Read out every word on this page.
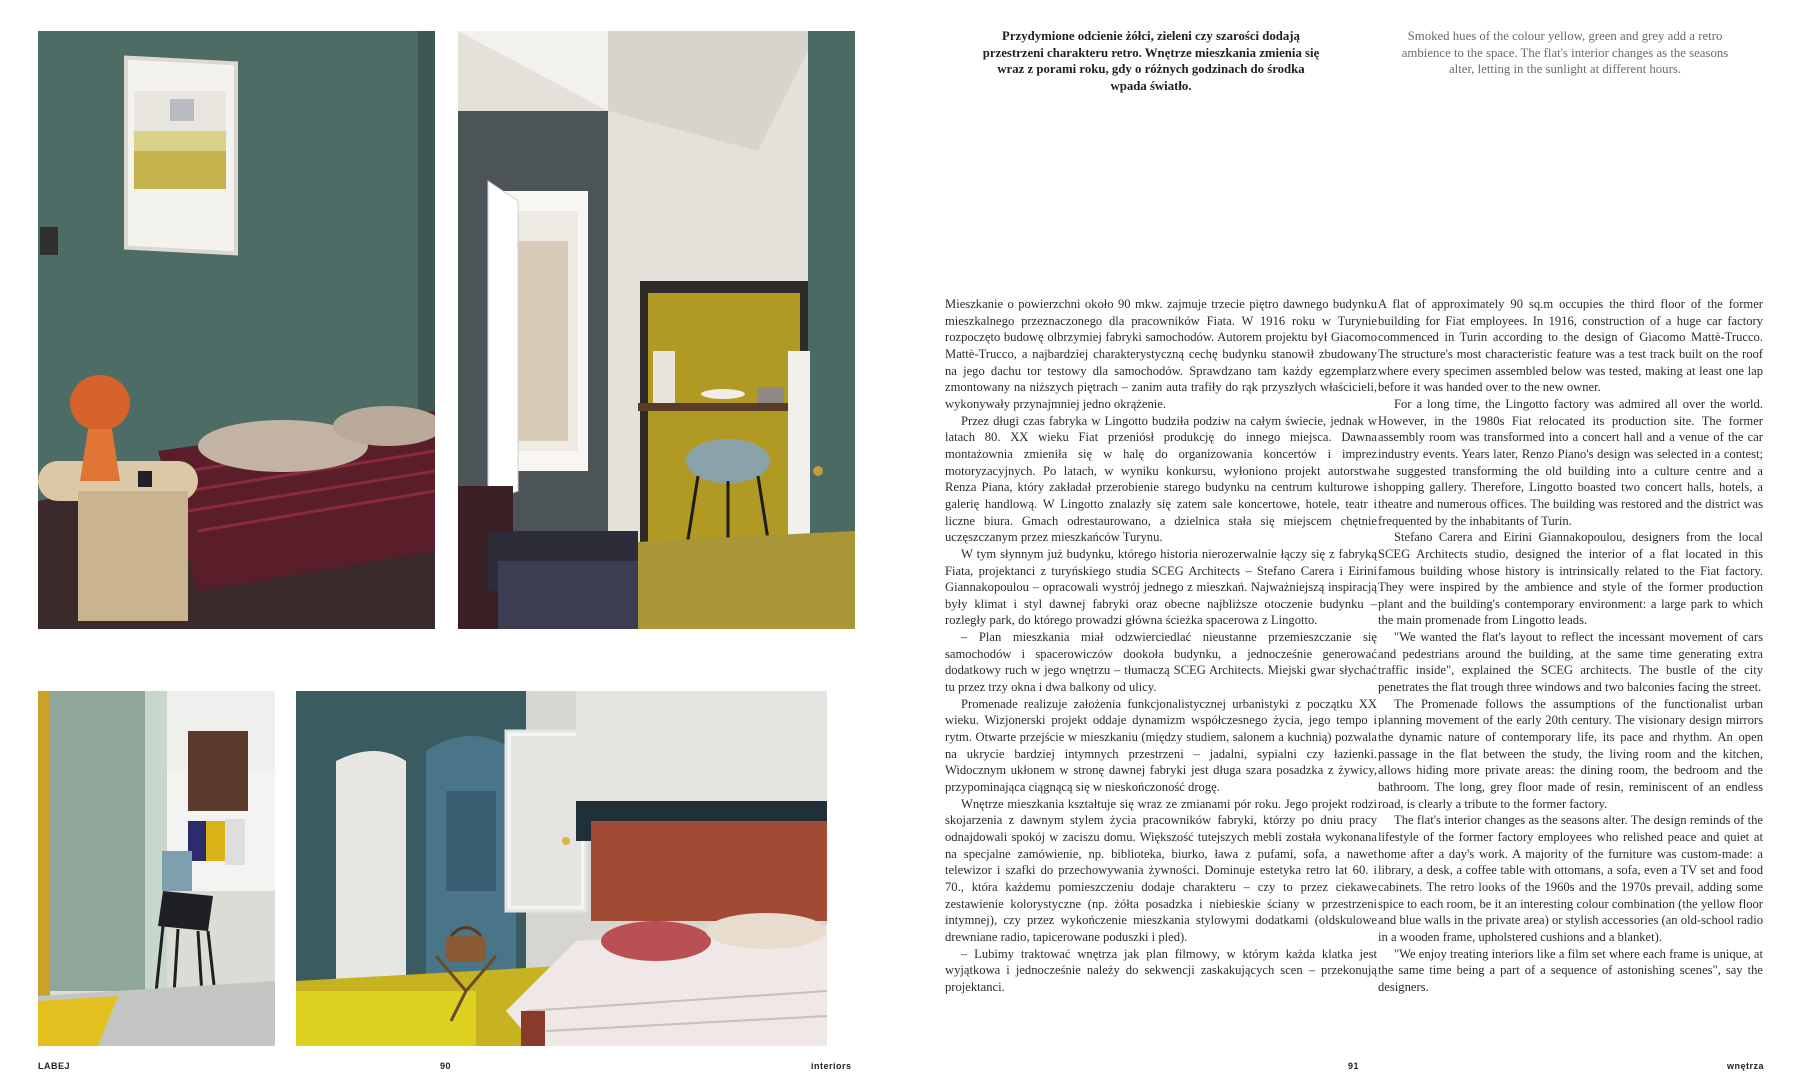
Przydymione odcienie żółci, zieleni czy szarości dodają przestrzeni charakteru retro. Wnętrze mieszkania zmienia się wraz z porami roku, gdy o różnych godzinach do środka wpada światło.
Smoked hues of the colour yellow, green and grey add a retro ambience to the space. The flat's interior changes as the seasons alter, letting in the sunlight at different hours.

Mieszkanie o powierzchni około 90 mkw. zajmuje trzecie piętro dawnego budynku mieszkalnego przeznaczonego dla pracowników Fiata. W 1916 roku w Turynie rozpoczęto budowę olbrzymiej fabryki samochodów. Autorem projektu był Giacomo Mattè-Trucco, a najbardziej charakterystyczną cechę budynku stanowił zbudowany na jego dachu tor testowy dla samochodów. Sprawdzano tam każdy egzemplarz zmontowany na niższych piętrach – zanim auta trafiły do rąk przyszłych właścicieli, wykonywały przynajmniej jedno okrążenie.

Przez długi czas fabryka w Lingotto budziła podziw na całym świecie, jednak w latach 80. XX wieku Fiat przeniósł produkcję do innego miejsca. Dawna montażownia zmieniła się w halę do organizowania koncertów i imprez motoryzacyjnych. Po latach, w wyniku konkursu, wyłoniono projekt autorstwa Renza Piana, który zakładał przerobienie starego budynku na centrum kulturowe i galerię handlową. W Lingotto znalazły się zatem sale koncertowe, hotele, teatr i liczne biura. Gmach odrestaurowano, a dzielnica stała się miejscem chętnie uczęszczanym przez mieszkańców Turynu.

W tym słynnym już budynku, którego historia nierozerwalnie łączy się z fabryką Fiata, projektanci z turyńskiego studia SCEG Architects – Stefano Carera i Eirini Giannakopoulou – opracowali wystrój jednego z mieszkań. Najważniejszą inspiracją były klimat i styl dawnej fabryki oraz obecne najbliższe otoczenie budynku – rozległy park, do którego prowadzi główna ścieżka spacerowa z Lingotto.

– Plan mieszkania miał odzwierciedlać nieustanne przemieszczanie się samochodów i spacerowiczów dookoła budynku, a jednocześnie generować dodatkowy ruch w jego wnętrzu – tłumaczą SCEG Architects. Miejski gwar słychać tu przez trzy okna i dwa balkony od ulicy.

Promenade realizuje założenia funkcjonalistycznej urbanistyki z początku XX wieku. Wizjonerski projekt oddaje dynamizm współczesnego życia, jego tempo i rytm. Otwarte przejście w mieszkaniu (między studiem, salonem a kuchnią) pozwala na ukrycie bardziej intymnych przestrzeni – jadalni, sypialni czy łazienki. Widocznym ukłonem w stronę dawnej fabryki jest długa szara posadzka z żywicy, przypominająca ciągnącą się w nieskończoność drogę.

Wnętrze mieszkania kształtuje się wraz ze zmianami pór roku. Jego projekt rodzi skojarzenia z dawnym stylem życia pracowników fabryki, którzy po dniu pracy odnajdowali spokój w zaciszu domu. Większość tutejszych mebli została wykonana na specjalne zamówienie, np. biblioteka, biurko, ława z pufami, sofa, a nawet telewizor i szafki do przechowywania żywności. Dominuje estetyka retro lat 60. i 70., która każdemu pomieszczeniu dodaje charakteru – czy to przez ciekawe zestawienie kolorystyczne (np. żółta posadzka i niebieskie ściany w przestrzeni intymnej), czy przez wykończenie mieszkania stylowymi dodatkami (oldskulowe drewniane radio, tapicerowane poduszki i pled).

– Lubimy traktować wnętrza jak plan filmowy, w którym każda klatka jest wyjątkowa i jednocześnie należy do sekwencji zaskakujących scen – przekonują projektanci.

A flat of approximately 90 sq.m occupies the third floor of the former building for Fiat employees. In 1916, construction of a huge car factory commenced in Turin according to the design of Giacomo Mattè-Trucco. The structure's most characteristic feature was a test track built on the roof where every specimen assembled below was tested, making at least one lap before it was handed over to the new owner.

For a long time, the Lingotto factory was admired all over the world. However, in the 1980s Fiat relocated its production site. The former assembly room was transformed into a concert hall and a venue of the car industry events. Years later, Renzo Piano's design was selected in a contest; he suggested transforming the old building into a culture centre and a shopping gallery. Therefore, Lingotto boasted two concert halls, hotels, a theatre and numerous offices. The building was restored and the district was frequented by the inhabitants of Turin.

Stefano Carera and Eirini Giannakopoulou, designers from the local SCEG Architects studio, designed the interior of a flat located in this famous building whose history is intrinsically related to the Fiat factory. They were inspired by the ambience and style of the former production plant and the building's contemporary environment: a large park to which the main promenade from Lingotto leads.

"We wanted the flat's layout to reflect the incessant movement of cars and pedestrians around the building, at the same time generating extra traffic inside", explained the SCEG architects. The bustle of the city penetrates the flat trough three windows and two balconies facing the street.

The Promenade follows the assumptions of the functionalist urban planning movement of the early 20th century. The visionary design mirrors the dynamic nature of contemporary life, its pace and rhythm. An open passage in the flat between the study, the living room and the kitchen, allows hiding more private areas: the dining room, the bedroom and the bathroom. The long, grey floor made of resin, reminiscent of an endless road, is clearly a tribute to the former factory.

The flat's interior changes as the seasons alter. The design reminds of the lifestyle of the former factory employees who relished peace and quiet at home after a day's work. A majority of the furniture was custom-made: a library, a desk, a coffee table with ottomans, a sofa, even a TV set and food cabinets. The retro looks of the 1960s and the 1970s prevail, adding some spice to each room, be it an interesting colour combination (the yellow floor and blue walls in the private area) or stylish accessories (an old-school radio in a wooden frame, upholstered cushions and a blanket).

"We enjoy treating interiors like a film set where each frame is unique, at the same time being a part of a sequence of astonishing scenes", say the designers.

LABEJ	90	interiors	91	wnętrza
